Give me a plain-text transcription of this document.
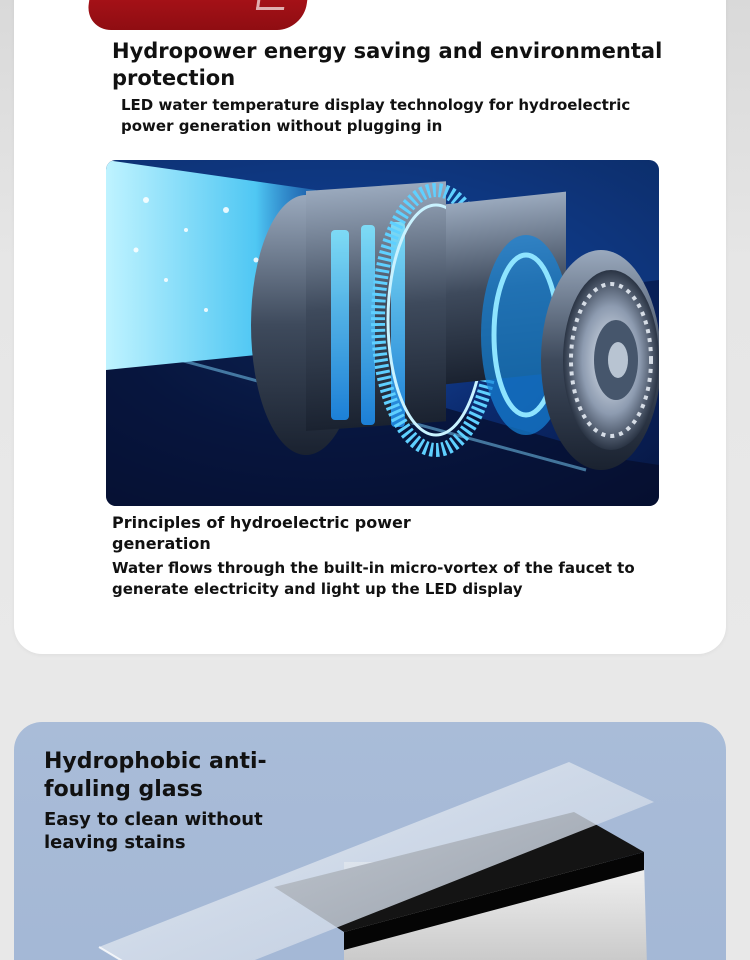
Hydropower energy saving and environmental protection
LED water temperature display technology for hydroelectric power generation without plugging in
Principles of hydroelectric power generation
Water flows through the built-in micro-vortex of the faucet to generate electricity and light up the LED display
Hydrophobic anti-fouling glass
Easy to clean without leaving stains
